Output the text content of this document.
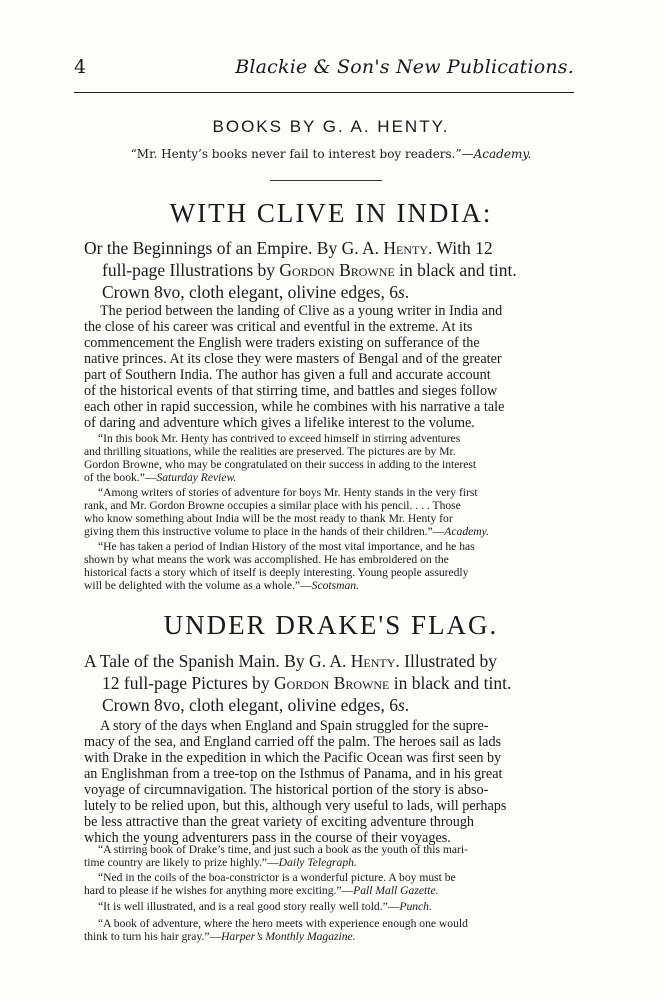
4	Blackie & Son's New Publications.
BOOKS BY G. A. HENTY.
“Mr. Henty’s books never fail to interest boy readers.”—Academy.
WITH CLIVE IN INDIA:
Or the Beginnings of an Empire. By G. A. Henty. With 12
full-page Illustrations by Gordon Browne in black and tint.
Crown 8vo, cloth elegant, olivine edges, 6s.
The period between the landing of Clive as a young writer in India and
the close of his career was critical and eventful in the extreme. At its
commencement the English were traders existing on sufferance of the
native princes. At its close they were masters of Bengal and of the greater
part of Southern India. The author has given a full and accurate account
of the historical events of that stirring time, and battles and sieges follow
each other in rapid succession, while he combines with his narrative a tale
of daring and adventure which gives a lifelike interest to the volume.
“In this book Mr. Henty has contrived to exceed himself in stirring adventures
and thrilling situations, while the realities are preserved. The pictures are by Mr.
Gordon Browne, who may be congratulated on their success in adding to the interest
of the book.”—Saturday Review.
“Among writers of stories of adventure for boys Mr. Henty stands in the very first
rank, and Mr. Gordon Browne occupies a similar place with his pencil. . . . Those
who know something about India will be the most ready to thank Mr. Henty for
giving them this instructive volume to place in the hands of their children.”—Academy.
“He has taken a period of Indian History of the most vital importance, and he has
shown by what means the work was accomplished. He has embroidered on the
historical facts a story which of itself is deeply interesting. Young people assuredly
will be delighted with the volume as a whole.”—Scotsman.
UNDER DRAKE'S FLAG.
A Tale of the Spanish Main. By G. A. Henty. Illustrated by
12 full-page Pictures by Gordon Browne in black and tint.
Crown 8vo, cloth elegant, olivine edges, 6s.
A story of the days when England and Spain struggled for the supre-
macy of the sea, and England carried off the palm. The heroes sail as lads
with Drake in the expedition in which the Pacific Ocean was first seen by
an Englishman from a tree-top on the Isthmus of Panama, and in his great
voyage of circumnavigation. The historical portion of the story is abso-
lutely to be relied upon, but this, although very useful to lads, will perhaps
be less attractive than the great variety of exciting adventure through
which the young adventurers pass in the course of their voyages.
“A stirring book of Drake’s time, and just such a book as the youth of this mari-
time country are likely to prize highly.”—Daily Telegraph.
“Ned in the coils of the boa-constrictor is a wonderful picture. A boy must be
hard to please if he wishes for anything more exciting.”—Pall Mall Gazette.
“It is well illustrated, and is a real good story really well told.”—Punch.
“A book of adventure, where the hero meets with experience enough one would
think to turn his hair gray.”—Harper’s Monthly Magazine.
